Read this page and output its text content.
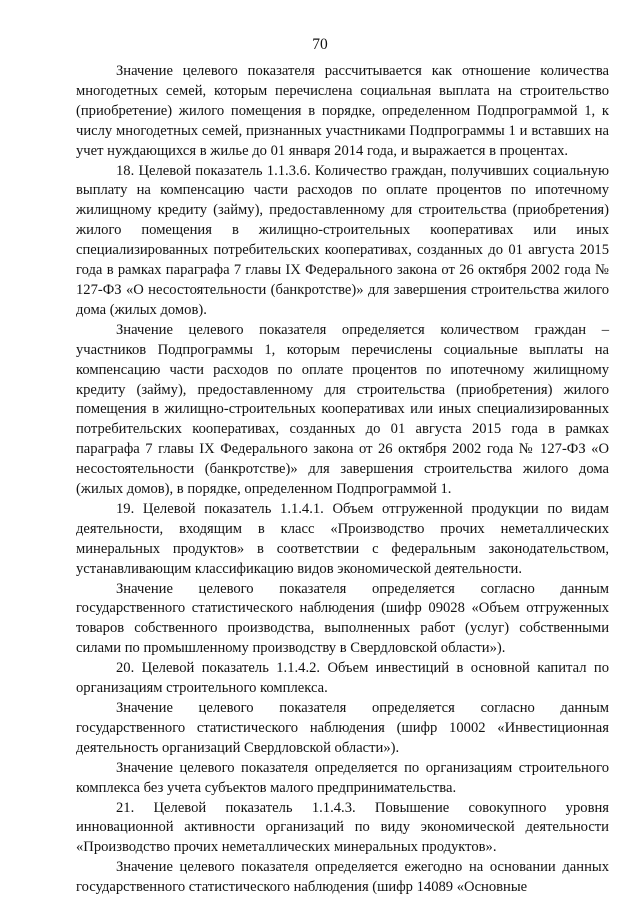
70

Значение целевого показателя рассчитывается как отношение количества многодетных семей, которым перечислена социальная выплата на строительство (приобретение) жилого помещения в порядке, определенном Подпрограммой 1, к числу многодетных семей, признанных участниками Подпрограммы 1 и вставших на учет нуждающихся в жилье до 01 января 2014 года, и выражается в процентах.

18. Целевой показатель 1.1.3.6. Количество граждан, получивших социальную выплату на компенсацию части расходов по оплате процентов по ипотечному жилищному кредиту (займу), предоставленному для строительства (приобретения) жилого помещения в жилищно-строительных кооперативах или иных специализированных потребительских кооперативах, созданных до 01 августа 2015 года в рамках параграфа 7 главы IX Федерального закона от 26 октября 2002 года № 127-ФЗ «О несостоятельности (банкротстве)» для завершения строительства жилого дома (жилых домов).

Значение целевого показателя определяется количеством граждан – участников Подпрограммы 1, которым перечислены социальные выплаты на компенсацию части расходов по оплате процентов по ипотечному жилищному кредиту (займу), предоставленному для строительства (приобретения) жилого помещения в жилищно-строительных кооперативах или иных специализированных потребительских кооперативах, созданных до 01 августа 2015 года в рамках параграфа 7 главы IX Федерального закона от 26 октября 2002 года № 127-ФЗ «О несостоятельности (банкротстве)» для завершения строительства жилого дома (жилых домов), в порядке, определенном Подпрограммой 1.

19. Целевой показатель 1.1.4.1. Объем отгруженной продукции по видам деятельности, входящим в класс «Производство прочих неметаллических минеральных продуктов» в соответствии с федеральным законодательством, устанавливающим классификацию видов экономической деятельности.

Значение целевого показателя определяется согласно данным государственного статистического наблюдения (шифр 09028 «Объем отгруженных товаров собственного производства, выполненных работ (услуг) собственными силами по промышленному производству в Свердловской области»).

20. Целевой показатель 1.1.4.2. Объем инвестиций в основной капитал по организациям строительного комплекса.

Значение целевого показателя определяется согласно данным государственного статистического наблюдения (шифр 10002 «Инвестиционная деятельность организаций Свердловской области»).

Значение целевого показателя определяется по организациям строительного комплекса без учета субъектов малого предпринимательства.

21. Целевой показатель 1.1.4.3. Повышение совокупного уровня инновационной активности организаций по виду экономической деятельности «Производство прочих неметаллических минеральных продуктов».

Значение целевого показателя определяется ежегодно на основании данных государственного статистического наблюдения (шифр 14089 «Основные
